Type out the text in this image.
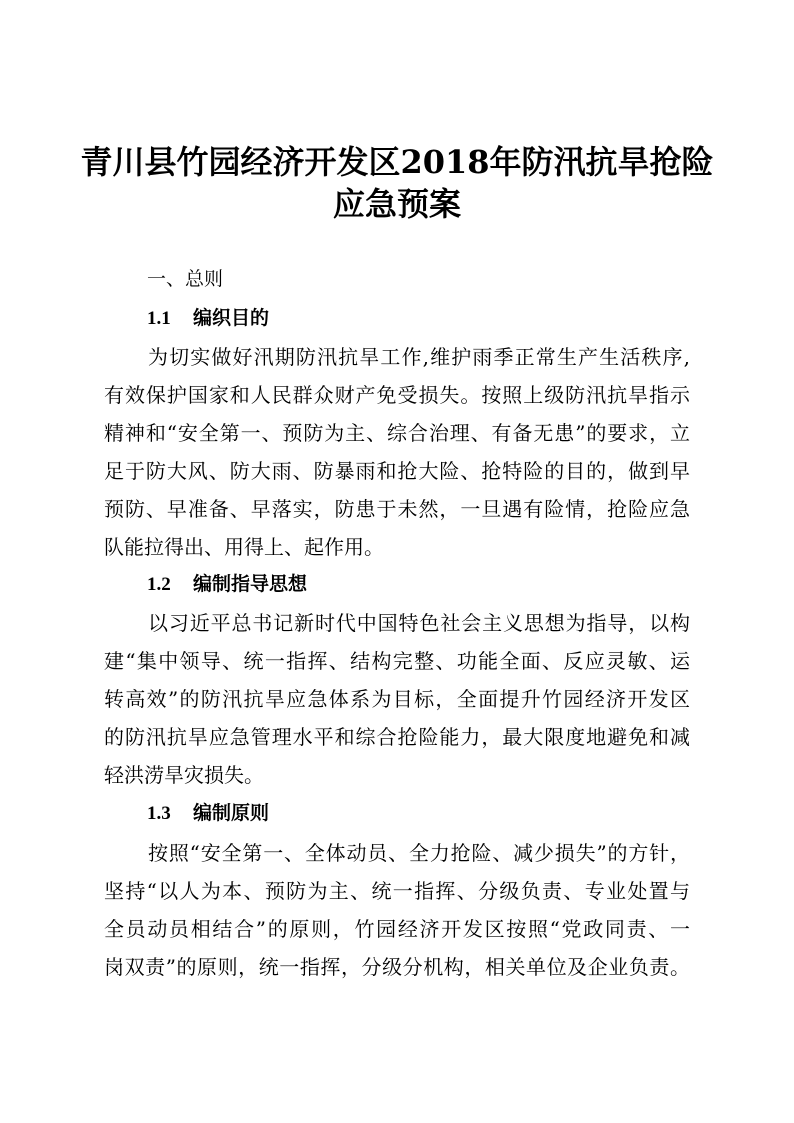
青川县竹园经济开发区2018年防汛抗旱抢险
应急预案
一、总则
1.1 编织目的
为切实做好汛期防汛抗旱工作,维护雨季正常生产生活秩序,
有效保护国家和人民群众财产免受损失。按照上级防汛抗旱指示
精神和“安全第一、预防为主、综合治理、有备无患”的要求，立
足于防大风、防大雨、防暴雨和抢大险、抢特险的目的，做到早
预防、早准备、早落实，防患于未然，一旦遇有险情，抢险应急
队能拉得出、用得上、起作用。
1.2 编制指导思想
以习近平总书记新时代中国特色社会主义思想为指导，以构
建“集中领导、统一指挥、结构完整、功能全面、反应灵敏、运
转高效”的防汛抗旱应急体系为目标，全面提升竹园经济开发区
的防汛抗旱应急管理水平和综合抢险能力，最大限度地避免和减
轻洪涝旱灾损失。
1.3 编制原则
按照“安全第一、全体动员、全力抢险、减少损失”的方针，
坚持“以人为本、预防为主、统一指挥、分级负责、专业处置与
全员动员相结合”的原则，竹园经济开发区按照“党政同责、一
岗双责”的原则，统一指挥，分级分机构，相关单位及企业负责。
